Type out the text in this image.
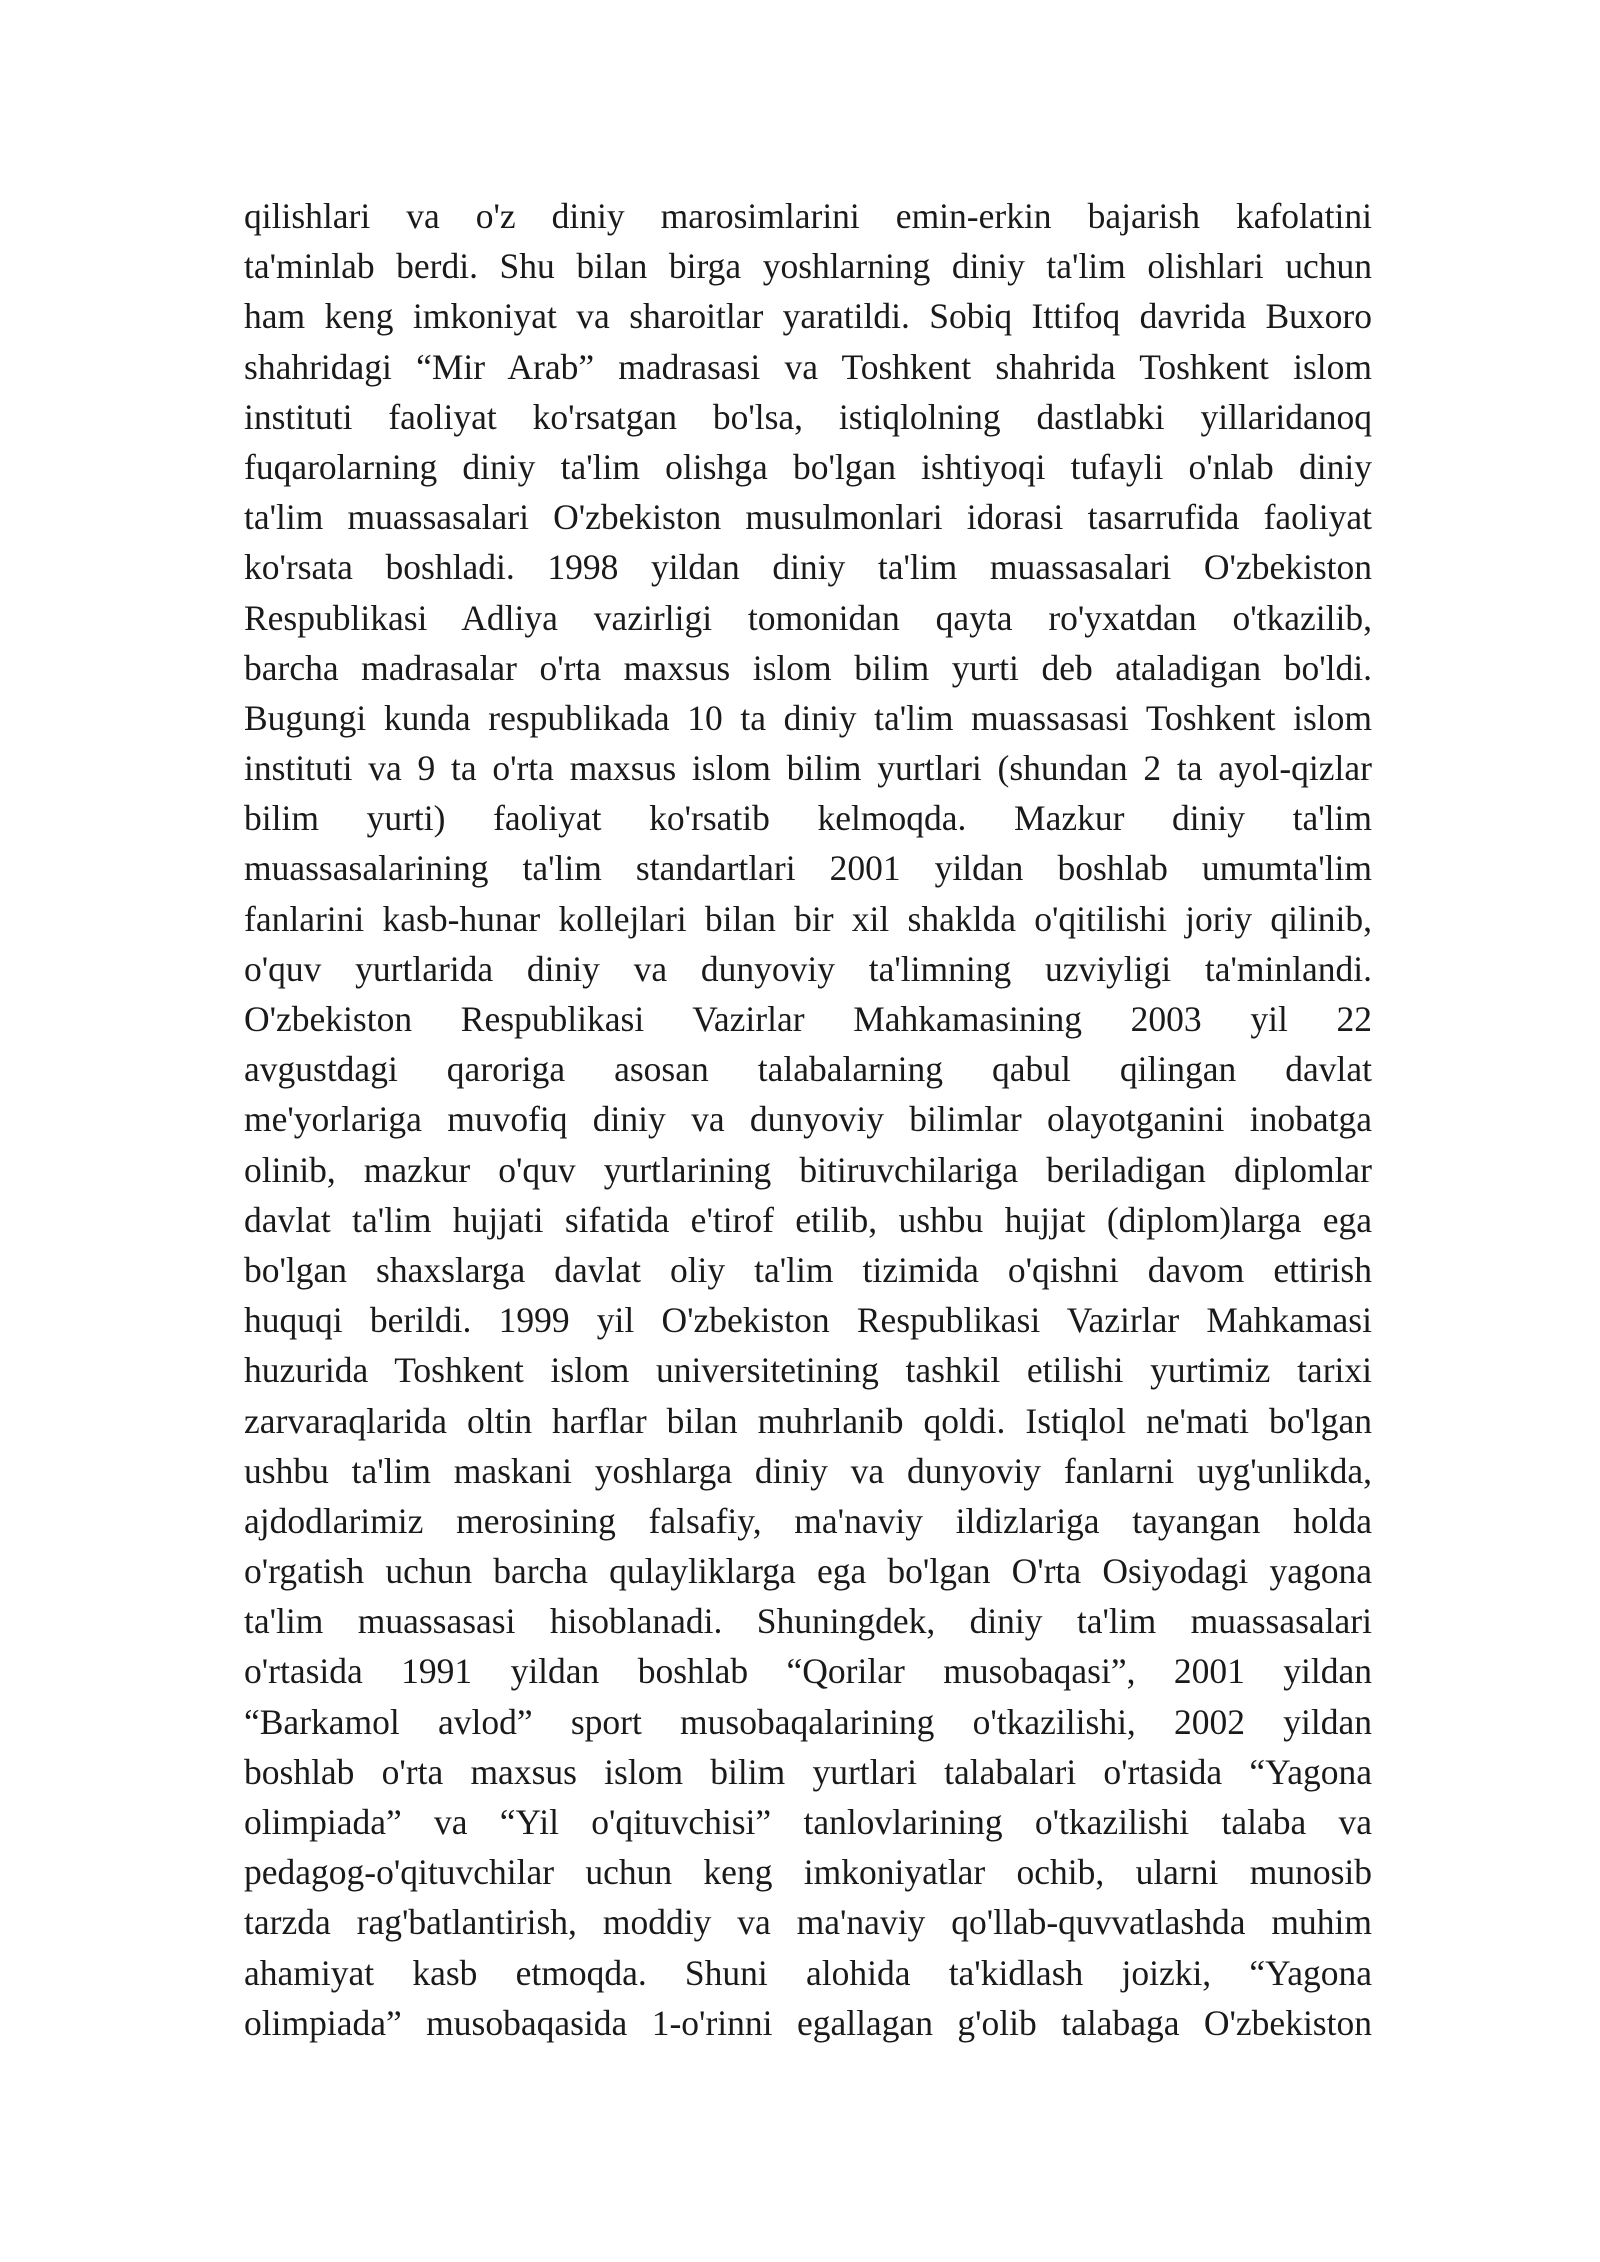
qilishlari va o'z diniy marosimlarini emin-erkin bajarish kafolatini
ta'minlab berdi. Shu bilan birga yoshlarning diniy ta'lim olishlari uchun
ham keng imkoniyat va sharoitlar yaratildi. Sobiq Ittifoq davrida Buxoro
shahridagi “Mir Arab” madrasasi va Toshkent shahrida Toshkent islom
instituti faoliyat ko'rsatgan bo'lsa, istiqlolning dastlabki yillaridanoq
fuqarolarning diniy ta'lim olishga bo'lgan ishtiyoqi tufayli o'nlab diniy
ta'lim muassasalari O'zbekiston musulmonlari idorasi tasarrufida faoliyat
ko'rsata boshladi. 1998 yildan diniy ta'lim muassasalari O'zbekiston
Respublikasi Adliya vazirligi tomonidan qayta ro'yxatdan o'tkazilib,
barcha madrasalar o'rta maxsus islom bilim yurti deb ataladigan bo'ldi.
Bugungi kunda respublikada 10 ta diniy ta'lim muassasasi Toshkent islom
instituti va 9 ta o'rta maxsus islom bilim yurtlari (shundan 2 ta ayol-qizlar
bilim yurti) faoliyat ko'rsatib kelmoqda. Mazkur diniy ta'lim
muassasalarining ta'lim standartlari 2001 yildan boshlab umumta'lim
fanlarini kasb-hunar kollejlari bilan bir xil shaklda o'qitilishi joriy qilinib,
o'quv yurtlarida diniy va dunyoviy ta'limning uzviyligi ta'minlandi.
O'zbekiston Respublikasi Vazirlar Mahkamasining 2003 yil 22
avgustdagi qaroriga asosan talabalarning qabul qilingan davlat
me'yorlariga muvofiq diniy va dunyoviy bilimlar olayotganini inobatga
olinib, mazkur o'quv yurtlarining bitiruvchilariga beriladigan diplomlar
davlat ta'lim hujjati sifatida e'tirof etilib, ushbu hujjat (diplom)larga ega
bo'lgan shaxslarga davlat oliy ta'lim tizimida o'qishni davom ettirish
huquqi berildi. 1999 yil O'zbekiston Respublikasi Vazirlar Mahkamasi
huzurida Toshkent islom universitetining tashkil etilishi yurtimiz tarixi
zarvaraqlarida oltin harflar bilan muhrlanib qoldi. Istiqlol ne'mati bo'lgan
ushbu ta'lim maskani yoshlarga diniy va dunyoviy fanlarni uyg'unlikda,
ajdodlarimiz merosining falsafiy, ma'naviy ildizlariga tayangan holda
o'rgatish uchun barcha qulayliklarga ega bo'lgan O'rta Osiyodagi yagona
ta'lim muassasasi hisoblanadi. Shuningdek, diniy ta'lim muassasalari
o'rtasida 1991 yildan boshlab “Qorilar musobaqasi”, 2001 yildan
“Barkamol avlod” sport musobaqalarining o'tkazilishi, 2002 yildan
boshlab o'rta maxsus islom bilim yurtlari talabalari o'rtasida “Yagona
olimpiada” va “Yil o'qituvchisi” tanlovlarining o'tkazilishi talaba va
pedagog-o'qituvchilar uchun keng imkoniyatlar ochib, ularni munosib
tarzda rag'batlantirish, moddiy va ma'naviy qo'llab-quvvatlashda muhim
ahamiyat kasb etmoqda. Shuni alohida ta'kidlash joizki, “Yagona
olimpiada” musobaqasida 1-o'rinni egallagan g'olib talabaga O'zbekiston
